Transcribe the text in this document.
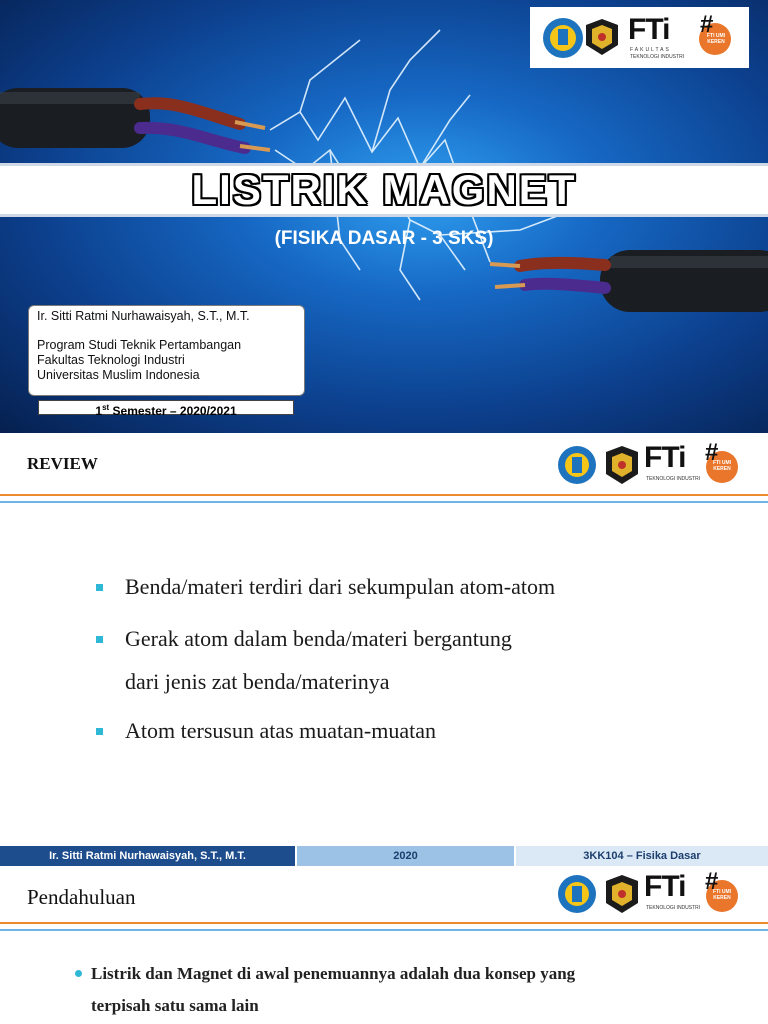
FTi
FAKULTAS
TEKNOLOGI INDUSTRI
#
FTI UMI KEREN
LISTRIK MAGNET
(FISIKA DASAR - 3 SKS)
Ir. Sitti Ratmi Nurhawaisyah, S.T., M.T.
Program Studi Teknik Pertambangan
Fakultas Teknologi Industri
Universitas Muslim Indonesia
1st Semester – 2020/2021
REVIEW	FTi
TEKNOLOGI INDUSTRI
#
FTI UMI KEREN
Benda/materi terdiri dari sekumpulan atom-atom
Gerak atom dalam benda/materi bergantung
dari jenis zat benda/materinya
Atom tersusun atas muatan-muatan
Ir. Sitti Ratmi Nurhawaisyah, S.T., M.T.	2020	3KK104 – Fisika Dasar
Pendahuluan	FTi
TEKNOLOGI INDUSTRI
#
FTI UMI KEREN
Listrik dan Magnet di awal penemuannya adalah dua konsep yang
terpisah satu sama lain
